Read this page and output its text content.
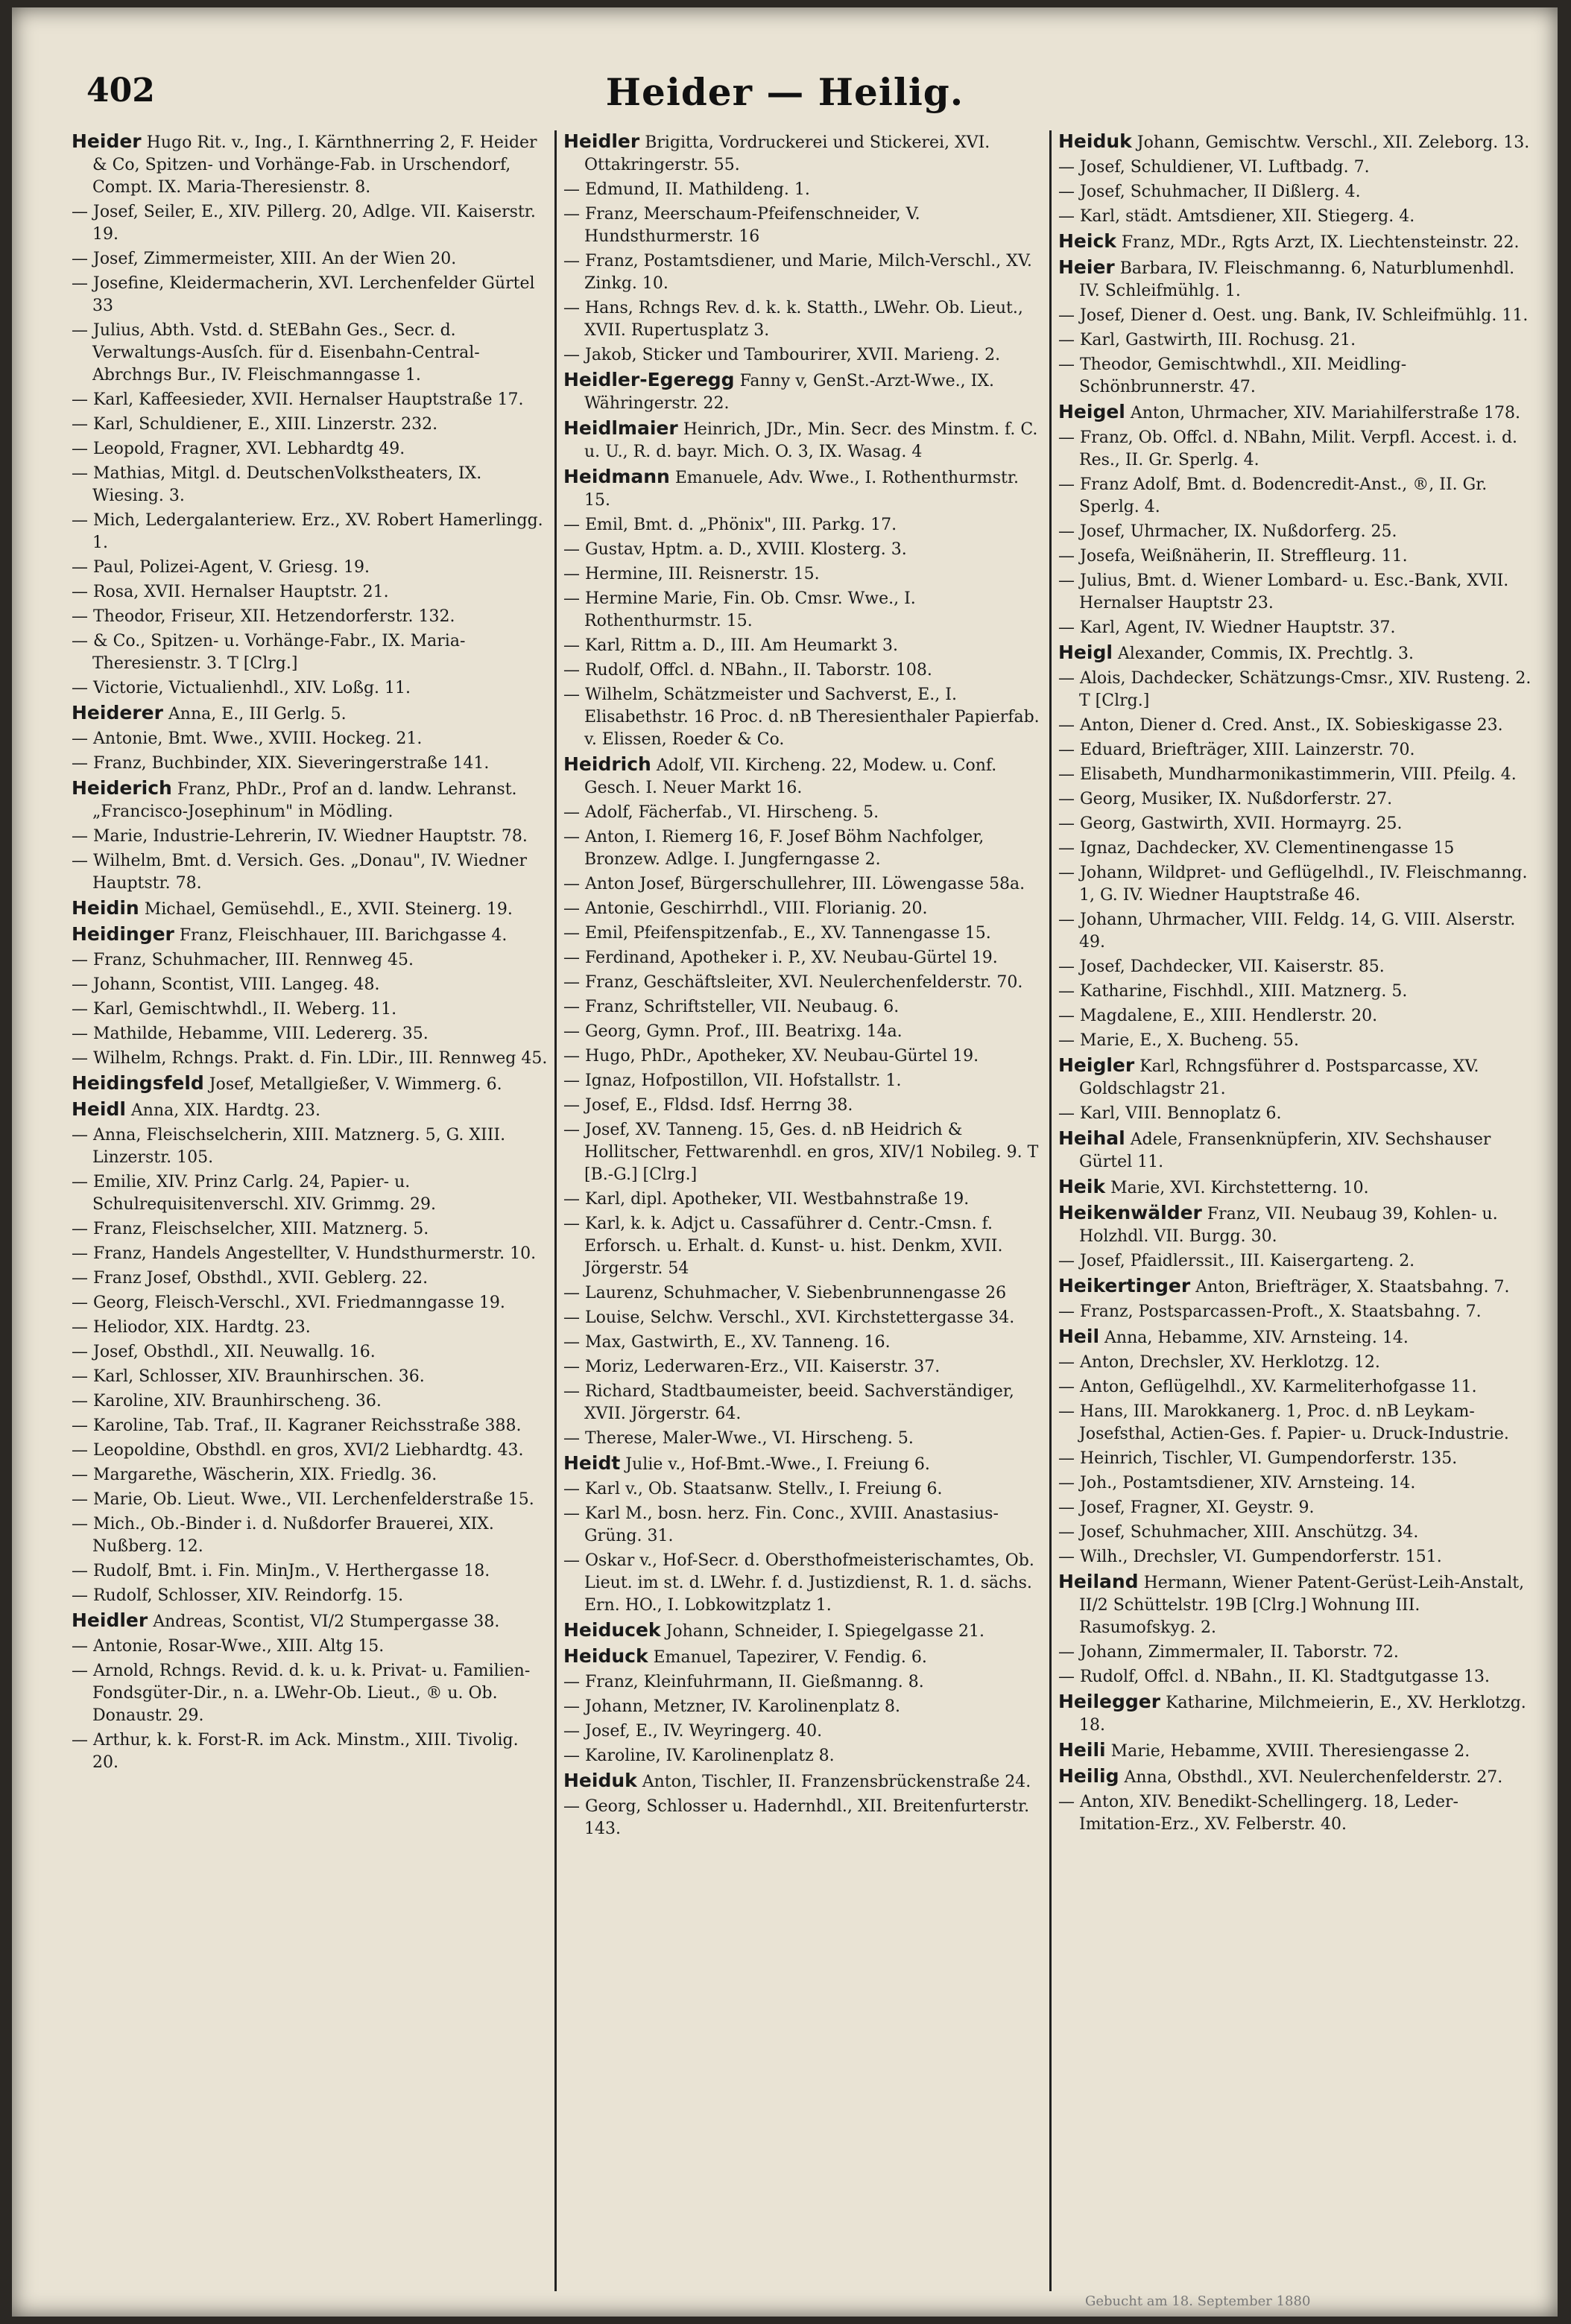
402	Heider — Heilig.
Heider Hugo Rit. v., Ing., I. Kärnthnerring 2, F. Heider & Co, Spitzen- und Vorhänge-Fab. in Urschendorf, Compt. IX. Maria-Theresienstr. 8.
— Josef, Seiler, E., XIV. Pillerg. 20, Adlge. VII. Kaiserstr. 19.
— Josef, Zimmermeister, XIII. An der Wien 20.
— Josefine, Kleidermacherin, XVI. Lerchenfelder Gürtel 33
— Julius, Abth. Vstd. d. StEBahn Ges., Secr. d. Verwaltungs-Ausſch. für d. Eisenbahn-Central-Abrchngs Bur., IV. Fleischmanngasse 1.
— Karl, Kaffeesieder, XVII. Hernalser Hauptstraße 17.
— Karl, Schuldiener, E., XIII. Linzerstr. 232.
— Leopold, Fragner, XVI. Lebhardtg 49.
— Mathias, Mitgl. d. DeutschenVolkstheaters, IX. Wiesing. 3.
— Mich, Ledergalanteriew. Erz., XV. Robert Hamerlingg. 1.
— Paul, Polizei-Agent, V. Griesg. 19.
— Rosa, XVII. Hernalser Hauptstr. 21.
— Theodor, Friseur, XII. Hetzendorferstr. 132.
— & Co., Spitzen- u. Vorhänge-Fabr., IX. Maria-Theresienstr. 3. T [Clrg.]
— Victorie, Victualienhdl., XIV. Loßg. 11.
Heiderer Anna, E., III Gerlg. 5.
— Antonie, Bmt. Wwe., XVIII. Hockeg. 21.
— Franz, Buchbinder, XIX. Sieveringerstraße 141.
Heiderich Franz, PhDr., Prof an d. landw. Lehranst. „Francisco-Josephinum" in Mödling.
— Marie, Industrie-Lehrerin, IV. Wiedner Hauptstr. 78.
— Wilhelm, Bmt. d. Versich. Ges. „Donau", IV. Wiedner Hauptstr. 78.
Heidin Michael, Gemüsehdl., E., XVII. Steinerg. 19.
Heidinger Franz, Fleischhauer, III. Barichgasse 4.
— Franz, Schuhmacher, III. Rennweg 45.
— Johann, Scontist, VIII. Langeg. 48.
— Karl, Gemischtwhdl., II. Weberg. 11.
— Mathilde, Hebamme, VIII. Ledererg. 35.
— Wilhelm, Rchngs. Prakt. d. Fin. LDir., III. Rennweg 45.
Heidingsfeld Josef, Metallgießer, V. Wimmerg. 6.
Heidl Anna, XIX. Hardtg. 23.
— Anna, Fleischselcherin, XIII. Matznerg. 5, G. XIII. Linzerstr. 105.
— Emilie, XIV. Prinz Carlg. 24, Papier- u. Schulrequisitenverschl. XIV. Grimmg. 29.
— Franz, Fleischselcher, XIII. Matznerg. 5.
— Franz, Handels Angestellter, V. Hundsthurmerstr. 10.
— Franz Josef, Obsthdl., XVII. Geblerg. 22.
— Georg, Fleisch-Verschl., XVI. Friedmanngasse 19.
— Heliodor, XIX. Hardtg. 23.
— Josef, Obsthdl., XII. Neuwallg. 16.
— Karl, Schlosser, XIV. Braunhirschen. 36.
— Karoline, XIV. Braunhirscheng. 36.
— Karoline, Tab. Traf., II. Kagraner Reichsstraße 388.
— Leopoldine, Obsthdl. en gros, XVI/2 Liebhardtg. 43.
— Margarethe, Wäscherin, XIX. Friedlg. 36.
— Marie, Ob. Lieut. Wwe., VII. Lerchenfelderstraße 15.
— Mich., Ob.-Binder i. d. Nußdorfer Brauerei, XIX. Nußberg. 12.
— Rudolf, Bmt. i. Fin. MinJm., V. Herthergasse 18.
— Rudolf, Schlosser, XIV. Reindorfg. 15.
Heidler Andreas, Scontist, VI/2 Stumpergasse 38.
— Antonie, Rosar-Wwe., XIII. Altg 15.
— Arnold, Rchngs. Revid. d. k. u. k. Privat- u. Familien-Fondsgüter-Dir., n. a. LWehr-Ob. Lieut., ® u. Ob. Donaustr. 29.
— Arthur, k. k. Forst-R. im Ack. Minstm., XIII. Tivolig. 20.
Heidler Brigitta, Vordruckerei und Stickerei, XVI. Ottakringerstr. 55.
— Edmund, II. Mathildeng. 1.
— Franz, Meerschaum-Pfeifenschneider, V. Hundsthurmerstr. 16
— Franz, Postamtsdiener, und Marie, Milch-Verschl., XV. Zinkg. 10.
— Hans, Rchngs Rev. d. k. k. Statth., LWehr. Ob. Lieut., XVII. Rupertusplatz 3.
— Jakob, Sticker und Tambourirer, XVII. Marieng. 2.
Heidler-Egeregg Fanny v, GenSt.-Arzt-Wwe., IX. Währingerstr. 22.
Heidlmaier Heinrich, JDr., Min. Secr. des Minstm. f. C. u. U., R. d. bayr. Mich. O. 3, IX. Wasag. 4
Heidmann Emanuele, Adv. Wwe., I. Rothenthurmstr. 15.
— Emil, Bmt. d. „Phönix", III. Parkg. 17.
— Gustav, Hptm. a. D., XVIII. Klosterg. 3.
— Hermine, III. Reisnerstr. 15.
— Hermine Marie, Fin. Ob. Cmsr. Wwe., I. Rothenthurmstr. 15.
— Karl, Rittm a. D., III. Am Heumarkt 3.
— Rudolf, Offcl. d. NBahn., II. Taborstr. 108.
— Wilhelm, Schätzmeister und Sachverst, E., I. Elisabethstr. 16 Proc. d. nB Theresienthaler Papierfab. v. Elissen, Roeder & Co.
Heidrich Adolf, VII. Kircheng. 22, Modew. u. Conf. Gesch. I. Neuer Markt 16.
— Adolf, Fächerfab., VI. Hirscheng. 5.
— Anton, I. Riemerg 16, F. Josef Böhm Nachfolger, Bronzew. Adlge. I. Jungferngasse 2.
— Anton Josef, Bürgerschullehrer, III. Löwengasse 58a.
— Antonie, Geschirrhdl., VIII. Florianig. 20.
— Emil, Pfeifenspitzenfab., E., XV. Tannengasse 15.
— Ferdinand, Apotheker i. P., XV. Neubau-Gürtel 19.
— Franz, Geschäftsleiter, XVI. Neulerchenfelderstr. 70.
— Franz, Schriftsteller, VII. Neubaug. 6.
— Georg, Gymn. Prof., III. Beatrixg. 14a.
— Hugo, PhDr., Apotheker, XV. Neubau-Gürtel 19.
— Ignaz, Hofpostillon, VII. Hofstallstr. 1.
— Josef, E., Fldsd. Idsf. Herrng 38.
— Josef, XV. Tanneng. 15, Ges. d. nB Heidrich & Hollitscher, Fettwarenhdl. en gros, XIV/1 Nobileg. 9. T [B.-G.] [Clrg.]
— Karl, dipl. Apotheker, VII. Westbahnstraße 19.
— Karl, k. k. Adjct u. Cassaführer d. Centr.-Cmsn. f. Erforsch. u. Erhalt. d. Kunst- u. hist. Denkm, XVII. Jörgerstr. 54
— Laurenz, Schuhmacher, V. Siebenbrunnengasse 26
— Louise, Selchw. Verschl., XVI. Kirchstettergasse 34.
— Max, Gastwirth, E., XV. Tanneng. 16.
— Moriz, Lederwaren-Erz., VII. Kaiserstr. 37.
— Richard, Stadtbaumeister, beeid. Sachverständiger, XVII. Jörgerstr. 64.
— Therese, Maler-Wwe., VI. Hirscheng. 5.
Heidt Julie v., Hof-Bmt.-Wwe., I. Freiung 6.
— Karl v., Ob. Staatsanw. Stellv., I. Freiung 6.
— Karl M., bosn. herz. Fin. Conc., XVIII. Anastasius-Grüng. 31.
— Oskar v., Hof-Secr. d. Obersthofmeisterischamtes, Ob. Lieut. im st. d. LWehr. f. d. Justizdienst, R. 1. d. sächs. Ern. HO., I. Lobkowitzplatz 1.
Heiducek Johann, Schneider, I. Spiegelgasse 21.
Heiduck Emanuel, Tapezirer, V. Fendig. 6.
— Franz, Kleinfuhrmann, II. Gießmanng. 8.
— Johann, Metzner, IV. Karolinenplatz 8.
— Josef, E., IV. Weyringerg. 40.
— Karoline, IV. Karolinenplatz 8.
Heiduk Anton, Tischler, II. Franzensbrückenstraße 24.
— Georg, Schlosser u. Hadernhdl., XII. Breitenfurterstr. 143.
Heiduk Johann, Gemischtw. Verschl., XII. Zeleborg. 13.
— Josef, Schuldiener, VI. Luftbadg. 7.
— Josef, Schuhmacher, II Dißlerg. 4.
— Karl, städt. Amtsdiener, XII. Stiegerg. 4.
Heick Franz, MDr., Rgts Arzt, IX. Liechtensteinstr. 22.
Heier Barbara, IV. Fleischmanng. 6, Naturblumenhdl. IV. Schleifmühlg. 1.
— Josef, Diener d. Oest. ung. Bank, IV. Schleifmühlg. 11.
— Karl, Gastwirth, III. Rochusg. 21.
— Theodor, Gemischtwhdl., XII. Meidling-Schönbrunnerstr. 47.
Heigel Anton, Uhrmacher, XIV. Mariahilferstraße 178.
— Franz, Ob. Offcl. d. NBahn, Milit. Verpfl. Accest. i. d. Res., II. Gr. Sperlg. 4.
— Franz Adolf, Bmt. d. Bodencredit-Anst., ®, II. Gr. Sperlg. 4.
— Josef, Uhrmacher, IX. Nußdorferg. 25.
— Josefa, Weißnäherin, II. Streffleurg. 11.
— Julius, Bmt. d. Wiener Lombard- u. Esc.-Bank, XVII. Hernalser Hauptstr 23.
— Karl, Agent, IV. Wiedner Hauptstr. 37.
Heigl Alexander, Commis, IX. Prechtlg. 3.
— Alois, Dachdecker, Schätzungs-Cmsr., XIV. Rusteng. 2. T [Clrg.]
— Anton, Diener d. Cred. Anst., IX. Sobieskigasse 23.
— Eduard, Briefträger, XIII. Lainzerstr. 70.
— Elisabeth, Mundharmonikastimmerin, VIII. Pfeilg. 4.
— Georg, Musiker, IX. Nußdorferstr. 27.
— Georg, Gastwirth, XVII. Hormayrg. 25.
— Ignaz, Dachdecker, XV. Clementinengasse 15
— Johann, Wildpret- und Geflügelhdl., IV. Fleischmanng. 1, G. IV. Wiedner Hauptstraße 46.
— Johann, Uhrmacher, VIII. Feldg. 14, G. VIII. Alserstr. 49.
— Josef, Dachdecker, VII. Kaiserstr. 85.
— Katharine, Fischhdl., XIII. Matznerg. 5.
— Magdalene, E., XIII. Hendlerstr. 20.
— Marie, E., X. Bucheng. 55.
Heigler Karl, Rchngsführer d. Postsparcasse, XV. Goldschlagstr 21.
— Karl, VIII. Bennoplatz 6.
Heihal Adele, Fransenknüpferin, XIV. Sechshauser Gürtel 11.
Heik Marie, XVI. Kirchstetterng. 10.
Heikenwälder Franz, VII. Neubaug 39, Kohlen- u. Holzhdl. VII. Burgg. 30.
— Josef, Pfaidlerssit., III. Kaisergarteng. 2.
Heikertinger Anton, Briefträger, X. Staatsbahng. 7.
— Franz, Postsparcassen-Proft., X. Staatsbahng. 7.
Heil Anna, Hebamme, XIV. Arnsteing. 14.
— Anton, Drechsler, XV. Herklotzg. 12.
— Anton, Geflügelhdl., XV. Karmeliterhofgasse 11.
— Hans, III. Marokkanerg. 1, Proc. d. nB Leykam-Josefsthal, Actien-Ges. f. Papier- u. Druck-Industrie.
— Heinrich, Tischler, VI. Gumpendorferstr. 135.
— Joh., Postamtsdiener, XIV. Arnsteing. 14.
— Josef, Fragner, XI. Geystr. 9.
— Josef, Schuhmacher, XIII. Anschützg. 34.
— Wilh., Drechsler, VI. Gumpendorferstr. 151.
Heiland Hermann, Wiener Patent-Gerüst-Leih-Anstalt, II/2 Schüttelstr. 19B [Clrg.] Wohnung III. Rasumofskyg. 2.
— Johann, Zimmermaler, II. Taborstr. 72.
— Rudolf, Offcl. d. NBahn., II. Kl. Stadtgutgasse 13.
Heilegger Katharine, Milchmeierin, E., XV. Herklotzg. 18.
Heili Marie, Hebamme, XVIII. Theresiengasse 2.
Heilig Anna, Obsthdl., XVI. Neulerchenfelderstr. 27.
— Anton, XIV. Benedikt-Schellingerg. 18, Leder-Imitation-Erz., XV. Felberstr. 40.
Gebucht am 18. September 1880
